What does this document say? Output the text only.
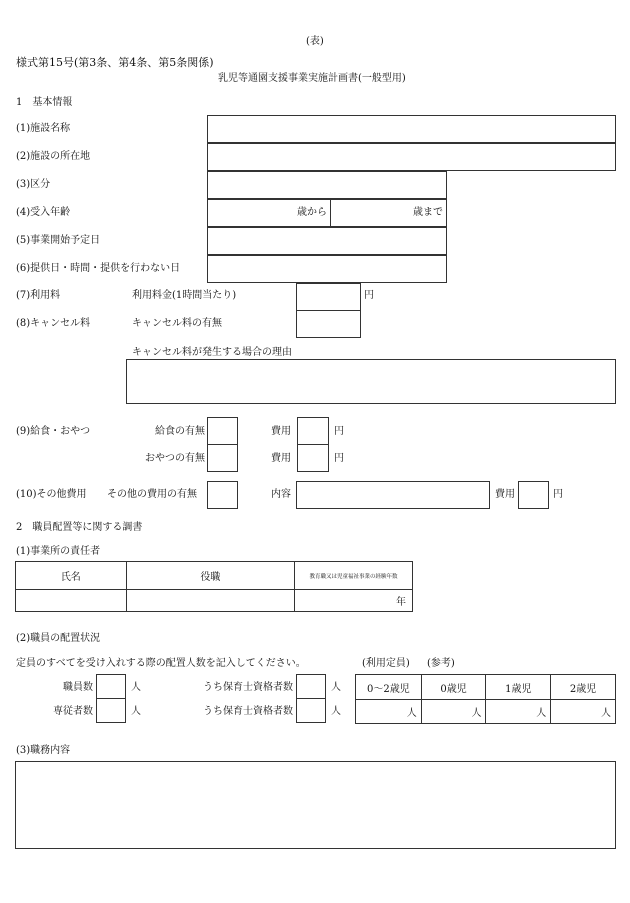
(表)
様式第15号(第3条、第4条、第5条関係)
乳児等通園支援事業実施計画書(一般型用)
1　基本情報
(1)施設名称
(2)施設の所在地
(3)区分
(4)受入年齢	歳から	歳まで
(5)事業開始予定日
(6)提供日・時間・提供を行わない日
(7)利用料	利用料金(1時間当たり)	円
(8)キャンセル料	キャンセル料の有無
キャンセル料が発生する場合の理由
(9)給食・おやつ	給食の有無	費用	円
おやつの有無	費用	円
(10)その他費用 その他の費用の有無	内容	費用	円
2　職員配置等に関する調書
(1)事業所の責任者
氏名	役職	教育職又は児童福祉事業の経験年数
		年
(2)職員の配置状況
定員のすべてを受け入れする際の配置人数を記入してください。	(利用定員) (参考)
職員数	人	うち保育士資格者数	人
専従者数	人	うち保育士資格者数	人
0〜2歳児	0歳児	1歳児	2歳児
人	人	人	人
(3)職務内容
